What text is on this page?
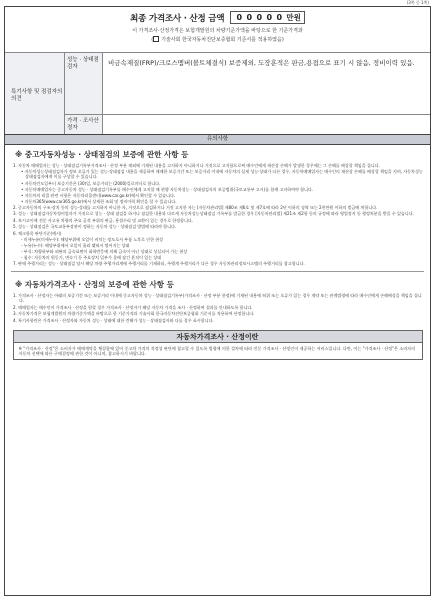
(3쪽 중 1쪽)
최종 가격조사 · 산정 금액 0 0 0 0 0 만원
이 가격조사·산정가격은 보험개발원의 차량기준가액을 바탕으로 한 기준가격과
( 기술사회 한국자동차진단보증협회 기준서를 적용하였음)
특기사항 및 점검자의 의견
성능 · 상태점검자	비금속재질(FRP)/크로스멤버(볼트체결식) 보증제외, 도장훈적은 판금,용접으로 표기 시 않음, 정비이력 있음.
가격 · 조사산정자
유의사항
※ 중고자동차성능 · 상태점검의 보증에 관한 사항 등
1. 자동차 매매업자는 성능 · 상태점검기록부가격조사 · 산정 부분 제외에 기재된 내용을 고지하지 아니하거나 거짓으로 고지함으로써 매수인에게 재산상 손해가 발생한 경우에는 그 손해를 배상할 책임을 집니다.
• 자동차성능상태점검자가 정보 오류가 있는 성능·상태점검 내용을 제공하여 매매한 보증기간 또는 보증거리 이내에 자동차의 실제 성능·상태가 다른 경우, 자동차매매업자는 매수인의 재산상 손해를 배상할 책임을 지며, 자동차성능상태점검자에게 이를 구상할 수 있습니다.
• 자동차인도일부터 보증기간은 (30)일, 보증거리는 (2000)킬로미터로 합니다.
• 자동차매매업자는 중고자동차 성능 · 상태점검기록부를 매수인에게 고지할 때 현행 자동차성능 · 상태점검자의 보증범위(국토교통부 고시)를 함께 고지하여야 합니다.
• 자동차의 리콜 관련 사항은 자동차리콜센터(www.car.go.kr)에서 확인할 수 있습니다.
• 자동차365(www.car365.go.kr)에서 상세한 조회 및 정비이력 확인을 할 수 있습니다.
2. 중고자동차의 구조·장치 등의 성능·상태를 고지하지 아니한 자, 거짓으로 점검하거나 거짓 고지한 자는 [자동차관리법] 제80조 제6호 및 제7호에 따라 2년 이하의 징역 또는 2천만원 이하의 벌금에 처합니다.
3. 성능 · 상태점검자동차정비업자가 거짓으로 성능 · 상태 점검을 하거나 점검한 내용과 다르게 자동차성능상태점검 기록부를 발급한 경우 [자동차관리법] 제21조 제2항 등의 규정에 따라 영업정지 등 행정처분을 받을 수 있습니다.
4. 보시고이에 전문 사고유 차량의 주요 골격 부위의 판금, 용접수리 및 교환이 있는 경우로 한정합니다.
5. 성능 · 상태점검은 국토교통부장관이 정하는 자동차 성능 · 상태점검 방법에 따라야 합니다.
6. 체크항목 판단기준(예시)
- 미세누유(미세누수): 해당부위에 오일이 비치는 정도로서 부품 노후로 인한 현상
- 누유(누수): 해당부위에서 오일이 흘러 맺혀서 떨어지는 상태
- 부식: 차량하부와 외판의 금속표면이 화학반응에 의해 금속이 아닌 상태로 상실되어 가는 현상
- 침수: 자동차의 원동기, 변속기 등 주요장치 일부가 물에 잠긴 흔적이 있는 상태
7. 판매 주행거리는 성능 · 상태점검 당시 해당 차량 주행거리계에 주행거리를 기재하되, 주행계 주행거리가 다른 경우 자동차관리정보시스템의 주행거리를 참고합니다.
※ 자동차가격조사 · 산정의 보증에 관한 사항 등
1. 가격조사 · 산정자는 아래의 보증기간 또는 보증거리 이내에 중고자동차 성능 · 상태점검기록부(가격조사 · 산정 부분 한정)에 기재된 내용에 허위 또는 오류가 있는 경우 계약 또는 관계법령에 따라 매수인에게 손해배상을 책임을 집니다.
2. 매매업자는 매수인이 가격조사 · 산정을 원할 경우 가격조사 · 산정자가 해당 자동차 가격을 조사 · 산정하여 결과를 안내하도록 합니다.
3. 자동차가격은 보험개발원의 차량기준가액을 바탕으로 한 기준가격과 기술사회 한국자동차진단보증협회 기준서를 적용하여 산정합니다.
4. 특기사항란은 가격조사 · 산정자와 자동차 성능 · 상태에 대한 견해가 성능 · 상태점검자와 다를 경우 표시합니다.
자동차가격조사 · 산정이란
※ "가격조사 · 산정"은 소비자가 매매계약을 체결함에 있어 중고차 가격의 적정성 판단에 참고할 수 있도록 법령에 의한 절차에 따라 전문 가격조사 · 산정인이 제공하는 서비스입니다. 다만, 이는 "가격조사 · 산정"은 소비자의 자동차 선택에 따른 구매결정에 관한 것이 아니며, 참고하시기 바랍니다.
